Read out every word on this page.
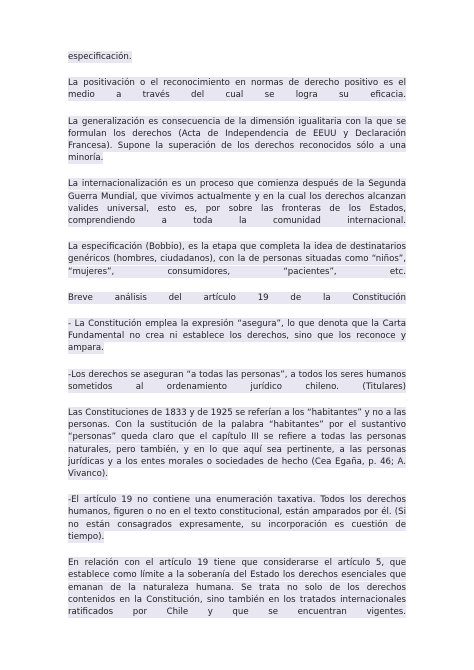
especificación.

La positivación o el reconocimiento en normas de derecho positivo es el medio a través del cual se logra su eficacia.

La generalización es consecuencia de la dimensión igualitaria con la que se formulan los derechos (Acta de Independencia de EEUU y Declaración Francesa). Supone la superación de los derechos reconocidos sólo a una minoría.

La internacionalización es un proceso que comienza después de la Segunda Guerra Mundial, que vivimos actualmente y en la cual los derechos alcanzan valides universal, esto es, por sobre las fronteras de los Estados, comprendiendo a toda la comunidad internacional.

La especificación (Bobbio), es la etapa que completa la idea de destinatarios genéricos (hombres, ciudadanos), con la de personas situadas como “niños”, “mujeres”, consumidores, “pacientes”, etc.

Breve análisis del artículo 19 de la Constitución

- La Constitución emplea la expresión “asegura”, lo que denota que la Carta Fundamental no crea ni establece los derechos, sino que los reconoce y ampara.

-Los derechos se aseguran “a todas las personas”, a todos los seres humanos sometidos al ordenamiento jurídico chileno. (Titulares)

Las Constituciones de 1833 y de 1925 se referían a los “habitantes” y no a las personas. Con la sustitución de la palabra “habitantes” por el sustantivo “personas” queda claro que el capítulo III se refiere a todas las personas naturales, pero también, y en lo que aquí sea pertinente, a las personas jurídicas y a los entes morales o sociedades de hecho (Cea Egaña, p. 46; A. Vivanco).

-El artículo 19 no contiene una enumeración taxativa. Todos los derechos humanos, figuren o no en el texto constitucional, están amparados por él. (Si no están consagrados expresamente, su incorporación es cuestión de tiempo).

En relación con el artículo 19 tiene que considerarse el artículo 5, que establece como límite a la soberanía del Estado los derechos esenciales que emanan de la naturaleza humana. Se trata no solo de los derechos contenidos en la Constitución, sino también en los tratados internacionales ratificados por Chile y que se encuentran vigentes.
